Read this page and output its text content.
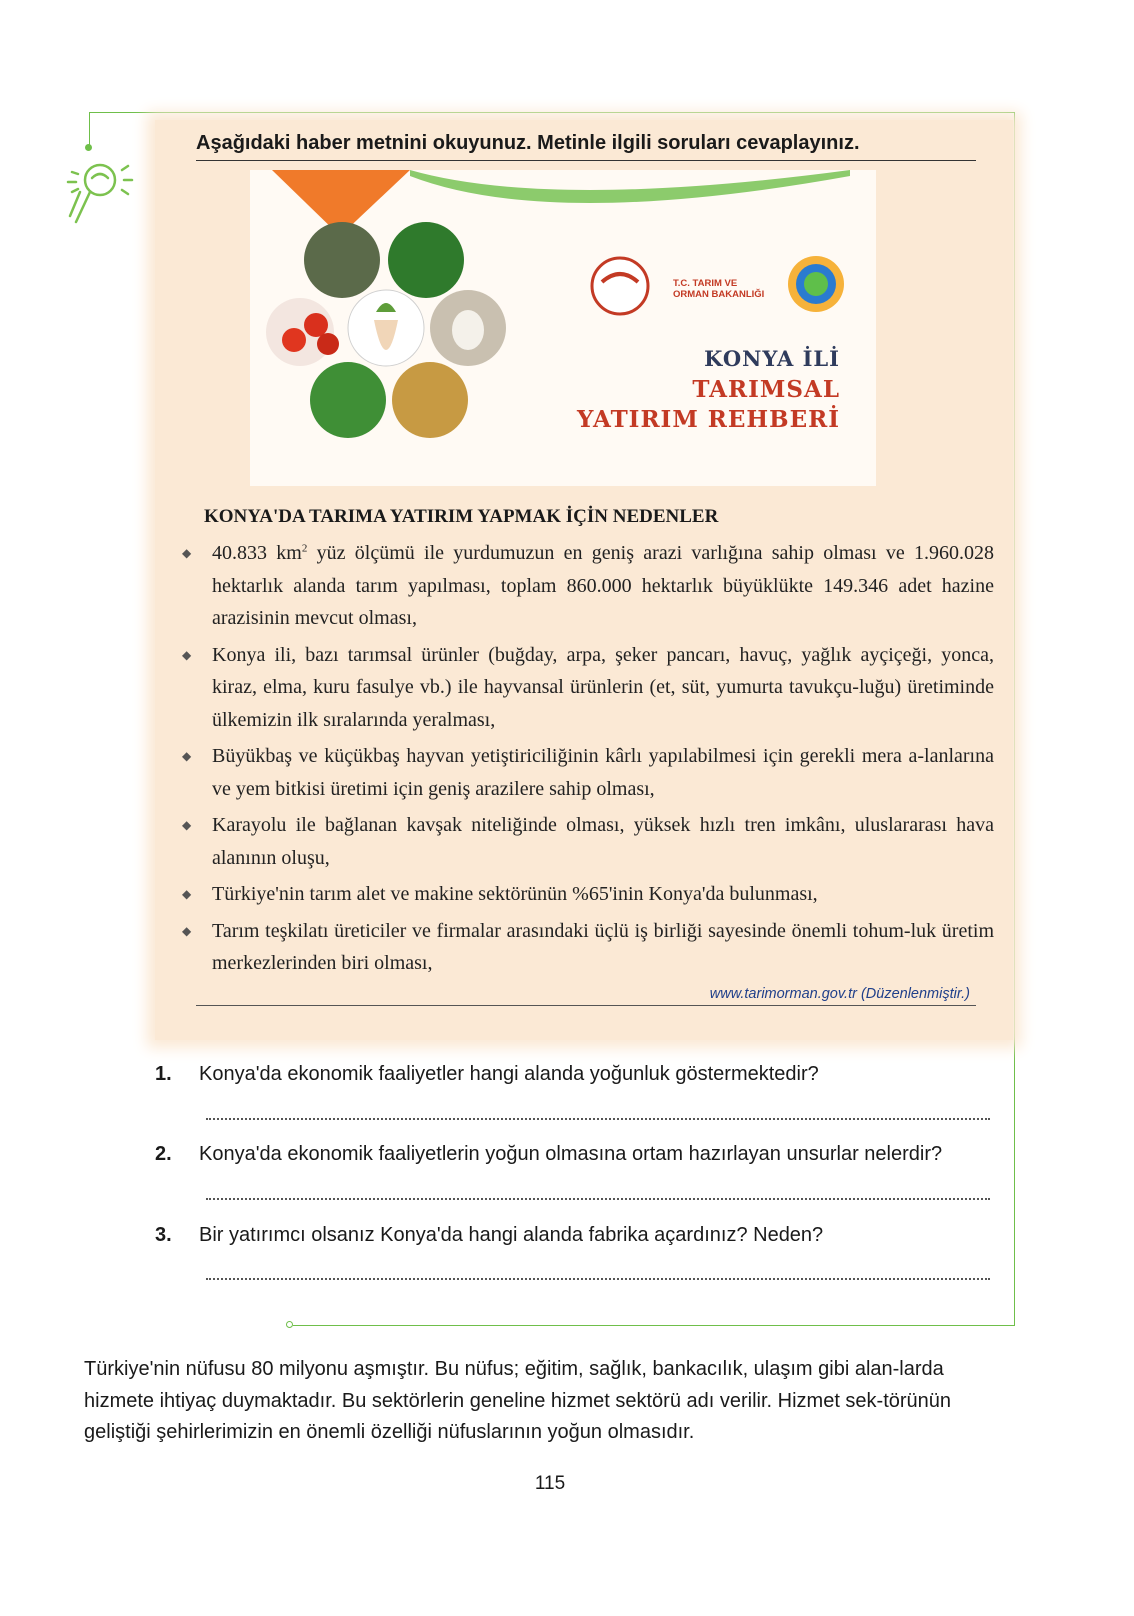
Aşağıdaki haber metnini okuyunuz. Metinle ilgili soruları cevaplayınız.
T.C. TARIM VE
ORMAN BAKANLIĞI
KONYA İLİ
TARIMSAL
YATIRIM REHBERİ
KONYA'DA TARIMA YATIRIM YAPMAK İÇİN NEDENLER
◆ 40.833 $km^2$ yüz ölçümü ile yurdumuzun en geniş arazi varlığına sahip olması ve 1.960.028 hektarlık alanda tarım yapılması, toplam 860.000 hektarlık büyüklükte 149.346 adet hazine arazisinin mevcut olması,
◆ Konya ili, bazı tarımsal ürünler (buğday, arpa, şeker pancarı, havuç, yağlık ayçiçeği, yonca, kiraz, elma, kuru fasulye vb.) ile hayvansal ürünlerin (et, süt, yumurta tavukçu-luğu) üretiminde ülkemizin ilk sıralarında yeralması,
◆ Büyükbaş ve küçükbaş hayvan yetiştiriciliğinin kârlı yapılabilmesi için gerekli mera a-lanlarına ve yem bitkisi üretimi için geniş arazilere sahip olması,
◆ Karayolu ile bağlanan kavşak niteliğinde olması, yüksek hızlı tren imkânı, uluslararası hava alanının oluşu,
◆ Türkiye'nin tarım alet ve makine sektörünün %65'inin Konya'da bulunması,
◆ Tarım teşkilatı üreticiler ve firmalar arasındaki üçlü iş birliği sayesinde önemli tohum-luk üretim merkezlerinden biri olması,
www.tarimorman.gov.tr (Düzenlenmiştir.)
1. Konya'da ekonomik faaliyetler hangi alanda yoğunluk göstermektedir?
2. Konya'da ekonomik faaliyetlerin yoğun olmasına ortam hazırlayan unsurlar nelerdir?
3. Bir yatırımcı olsanız Konya'da hangi alanda fabrika açardınız? Neden?

Türkiye'nin nüfusu 80 milyonu aşmıştır. Bu nüfus; eğitim, sağlık, bankacılık, ulaşım gibi alan-larda hizmete ihtiyaç duymaktadır. Bu sektörlerin geneline hizmet sektörü adı verilir. Hizmet sek-törünün geliştiği şehirlerimizin en önemli özelliği nüfuslarının yoğun olmasıdır.

115
